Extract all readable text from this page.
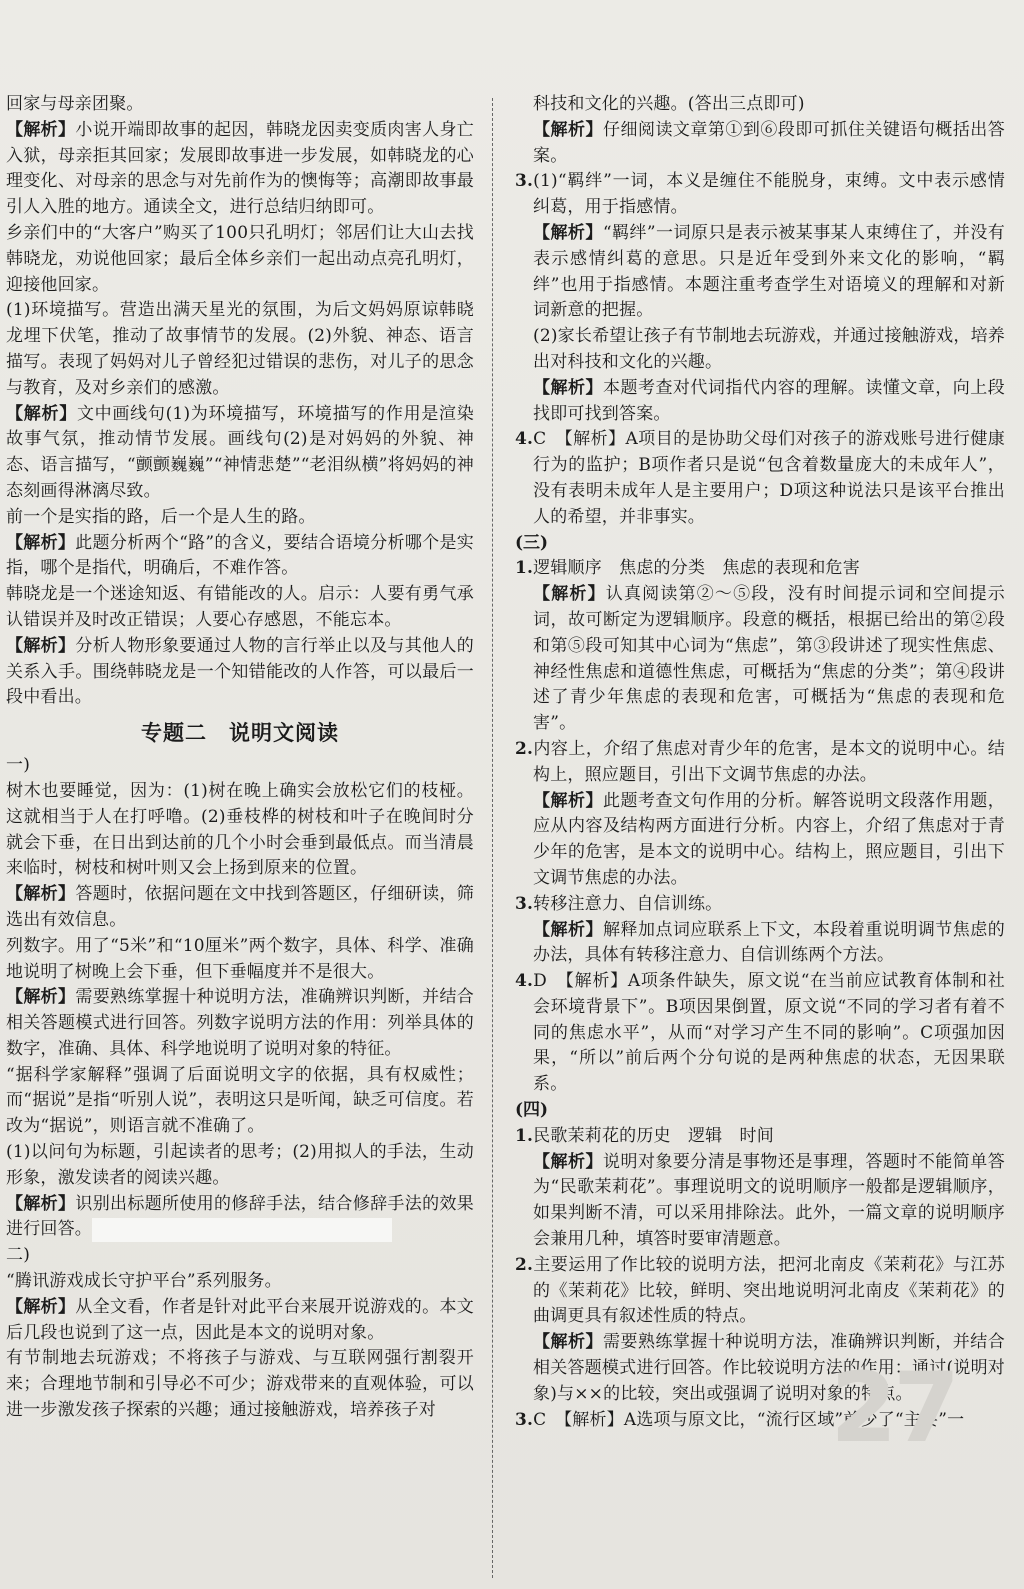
回家与母亲团聚。

【解析】小说开端即故事的起因，韩晓龙因卖变质肉害人身亡入狱，母亲拒其回家；发展即故事进一步发展，如韩晓龙的心理变化、对母亲的思念与对先前作为的懊悔等；高潮即故事最引人入胜的地方。通读全文，进行总结归纳即可。

乡亲们中的“大客户”购买了100只孔明灯；邻居们让大山去找韩晓龙，劝说他回家；最后全体乡亲们一起出动点亮孔明灯，迎接他回家。

(1)环境描写。营造出满天星光的氛围，为后文妈妈原谅韩晓龙埋下伏笔，推动了故事情节的发展。(2)外貌、神态、语言描写。表现了妈妈对儿子曾经犯过错误的悲伤，对儿子的思念与教育，及对乡亲们的感激。

【解析】文中画线句(1)为环境描写，环境描写的作用是渲染故事气氛，推动情节发展。画线句(2)是对妈妈的外貌、神态、语言描写，“颤颤巍巍”“神情悲楚”“老泪纵横”将妈妈的神态刻画得淋漓尽致。

前一个是实指的路，后一个是人生的路。

【解析】此题分析两个“路”的含义，要结合语境分析哪个是实指，哪个是指代，明确后，不难作答。

韩晓龙是一个迷途知返、有错能改的人。启示：人要有勇气承认错误并及时改正错误；人要心存感恩，不能忘本。

【解析】分析人物形象要通过人物的言行举止以及与其他人的关系入手。围绕韩晓龙是一个知错能改的人作答，可以最后一段中看出。

专题二　说明文阅读

一)

树木也要睡觉，因为：(1)树在晚上确实会放松它们的枝桠。这就相当于人在打呼噜。(2)垂枝桦的树枝和叶子在晚间时分就会下垂，在日出到达前的几个小时会垂到最低点。而当清晨来临时，树枝和树叶则又会上扬到原来的位置。

【解析】答题时，依据问题在文中找到答题区，仔细研读，筛选出有效信息。

列数字。用了“5米”和“10厘米”两个数字，具体、科学、准确地说明了树晚上会下垂，但下垂幅度并不是很大。

【解析】需要熟练掌握十种说明方法，准确辨识判断，并结合相关答题模式进行回答。列数字说明方法的作用：列举具体的数字，准确、具体、科学地说明了说明对象的特征。

“据科学家解释”强调了后面说明文字的依据，具有权威性；而“据说”是指“听别人说”，表明这只是听闻，缺乏可信度。若改为“据说”，则语言就不准确了。

(1)以问句为标题，引起读者的思考；(2)用拟人的手法，生动形象，激发读者的阅读兴趣。

【解析】识别出标题所使用的修辞手法，结合修辞手法的效果进行回答。

二)

“腾讯游戏成长守护平台”系列服务。

【解析】从全文看，作者是针对此平台来展开说游戏的。本文后几段也说到了这一点，因此是本文的说明对象。

有节制地去玩游戏；不将孩子与游戏、与互联网强行割裂开来；合理地节制和引导必不可少；游戏带来的直观体验，可以进一步激发孩子探索的兴趣；通过接触游戏，培养孩子对

科技和文化的兴趣。(答出三点即可)

【解析】仔细阅读文章第①到⑥段即可抓住关键语句概括出答案。

3.(1)“羁绊”一词，本义是缠住不能脱身，束缚。文中表示感情纠葛，用于指感情。

【解析】“羁绊”一词原只是表示被某事某人束缚住了，并没有表示感情纠葛的意思。只是近年受到外来文化的影响，“羁绊”也用于指感情。本题注重考查学生对语境义的理解和对新词新意的把握。

(2)家长希望让孩子有节制地去玩游戏，并通过接触游戏，培养出对科技和文化的兴趣。

【解析】本题考查对代词指代内容的理解。读懂文章，向上段找即可找到答案。

4.C　【解析】A项目的是协助父母们对孩子的游戏账号进行健康行为的监护；B项作者只是说“包含着数量庞大的未成年人”，没有表明未成年人是主要用户；D项这种说法只是该平台推出人的希望，并非事实。

(三)

1.逻辑顺序　焦虑的分类　焦虑的表现和危害

【解析】认真阅读第②～⑤段，没有时间提示词和空间提示词，故可断定为逻辑顺序。段意的概括，根据已给出的第②段和第⑤段可知其中心词为“焦虑”，第③段讲述了现实性焦虑、神经性焦虑和道德性焦虑，可概括为“焦虑的分类”；第④段讲述了青少年焦虑的表现和危害，可概括为“焦虑的表现和危害”。

2.内容上，介绍了焦虑对青少年的危害，是本文的说明中心。结构上，照应题目，引出下文调节焦虑的办法。

【解析】此题考查文句作用的分析。解答说明文段落作用题，应从内容及结构两方面进行分析。内容上，介绍了焦虑对于青少年的危害，是本文的说明中心。结构上，照应题目，引出下文调节焦虑的办法。

3.转移注意力、自信训练。

【解析】解释加点词应联系上下文，本段着重说明调节焦虑的办法，具体有转移注意力、自信训练两个方法。

4.D　【解析】A项条件缺失，原文说“在当前应试教育体制和社会环境背景下”。B项因果倒置，原文说“不同的学习者有着不同的焦虑水平”，从而“对学习产生不同的影响”。C项强加因果，“所以”前后两个分句说的是两种焦虑的状态，无因果联系。

(四)

1.民歌茉莉花的历史　逻辑　时间

【解析】说明对象要分清是事物还是事理，答题时不能简单答为“民歌茉莉花”。事理说明文的说明顺序一般都是逻辑顺序，如果判断不清，可以采用排除法。此外，一篇文章的说明顺序会兼用几种，填答时要审清题意。

2.主要运用了作比较的说明方法，把河北南皮《茉莉花》与江苏的《茉莉花》比较，鲜明、突出地说明河北南皮《茉莉花》的曲调更具有叙述性质的特点。

【解析】需要熟练掌握十种说明方法，准确辨识判断，并结合相关答题模式进行回答。作比较说明方法的作用：通过(说明对象)与××的比较，突出或强调了说明对象的特点。

3.C　【解析】A选项与原文比，“流行区域”前少了“主要”一

27
